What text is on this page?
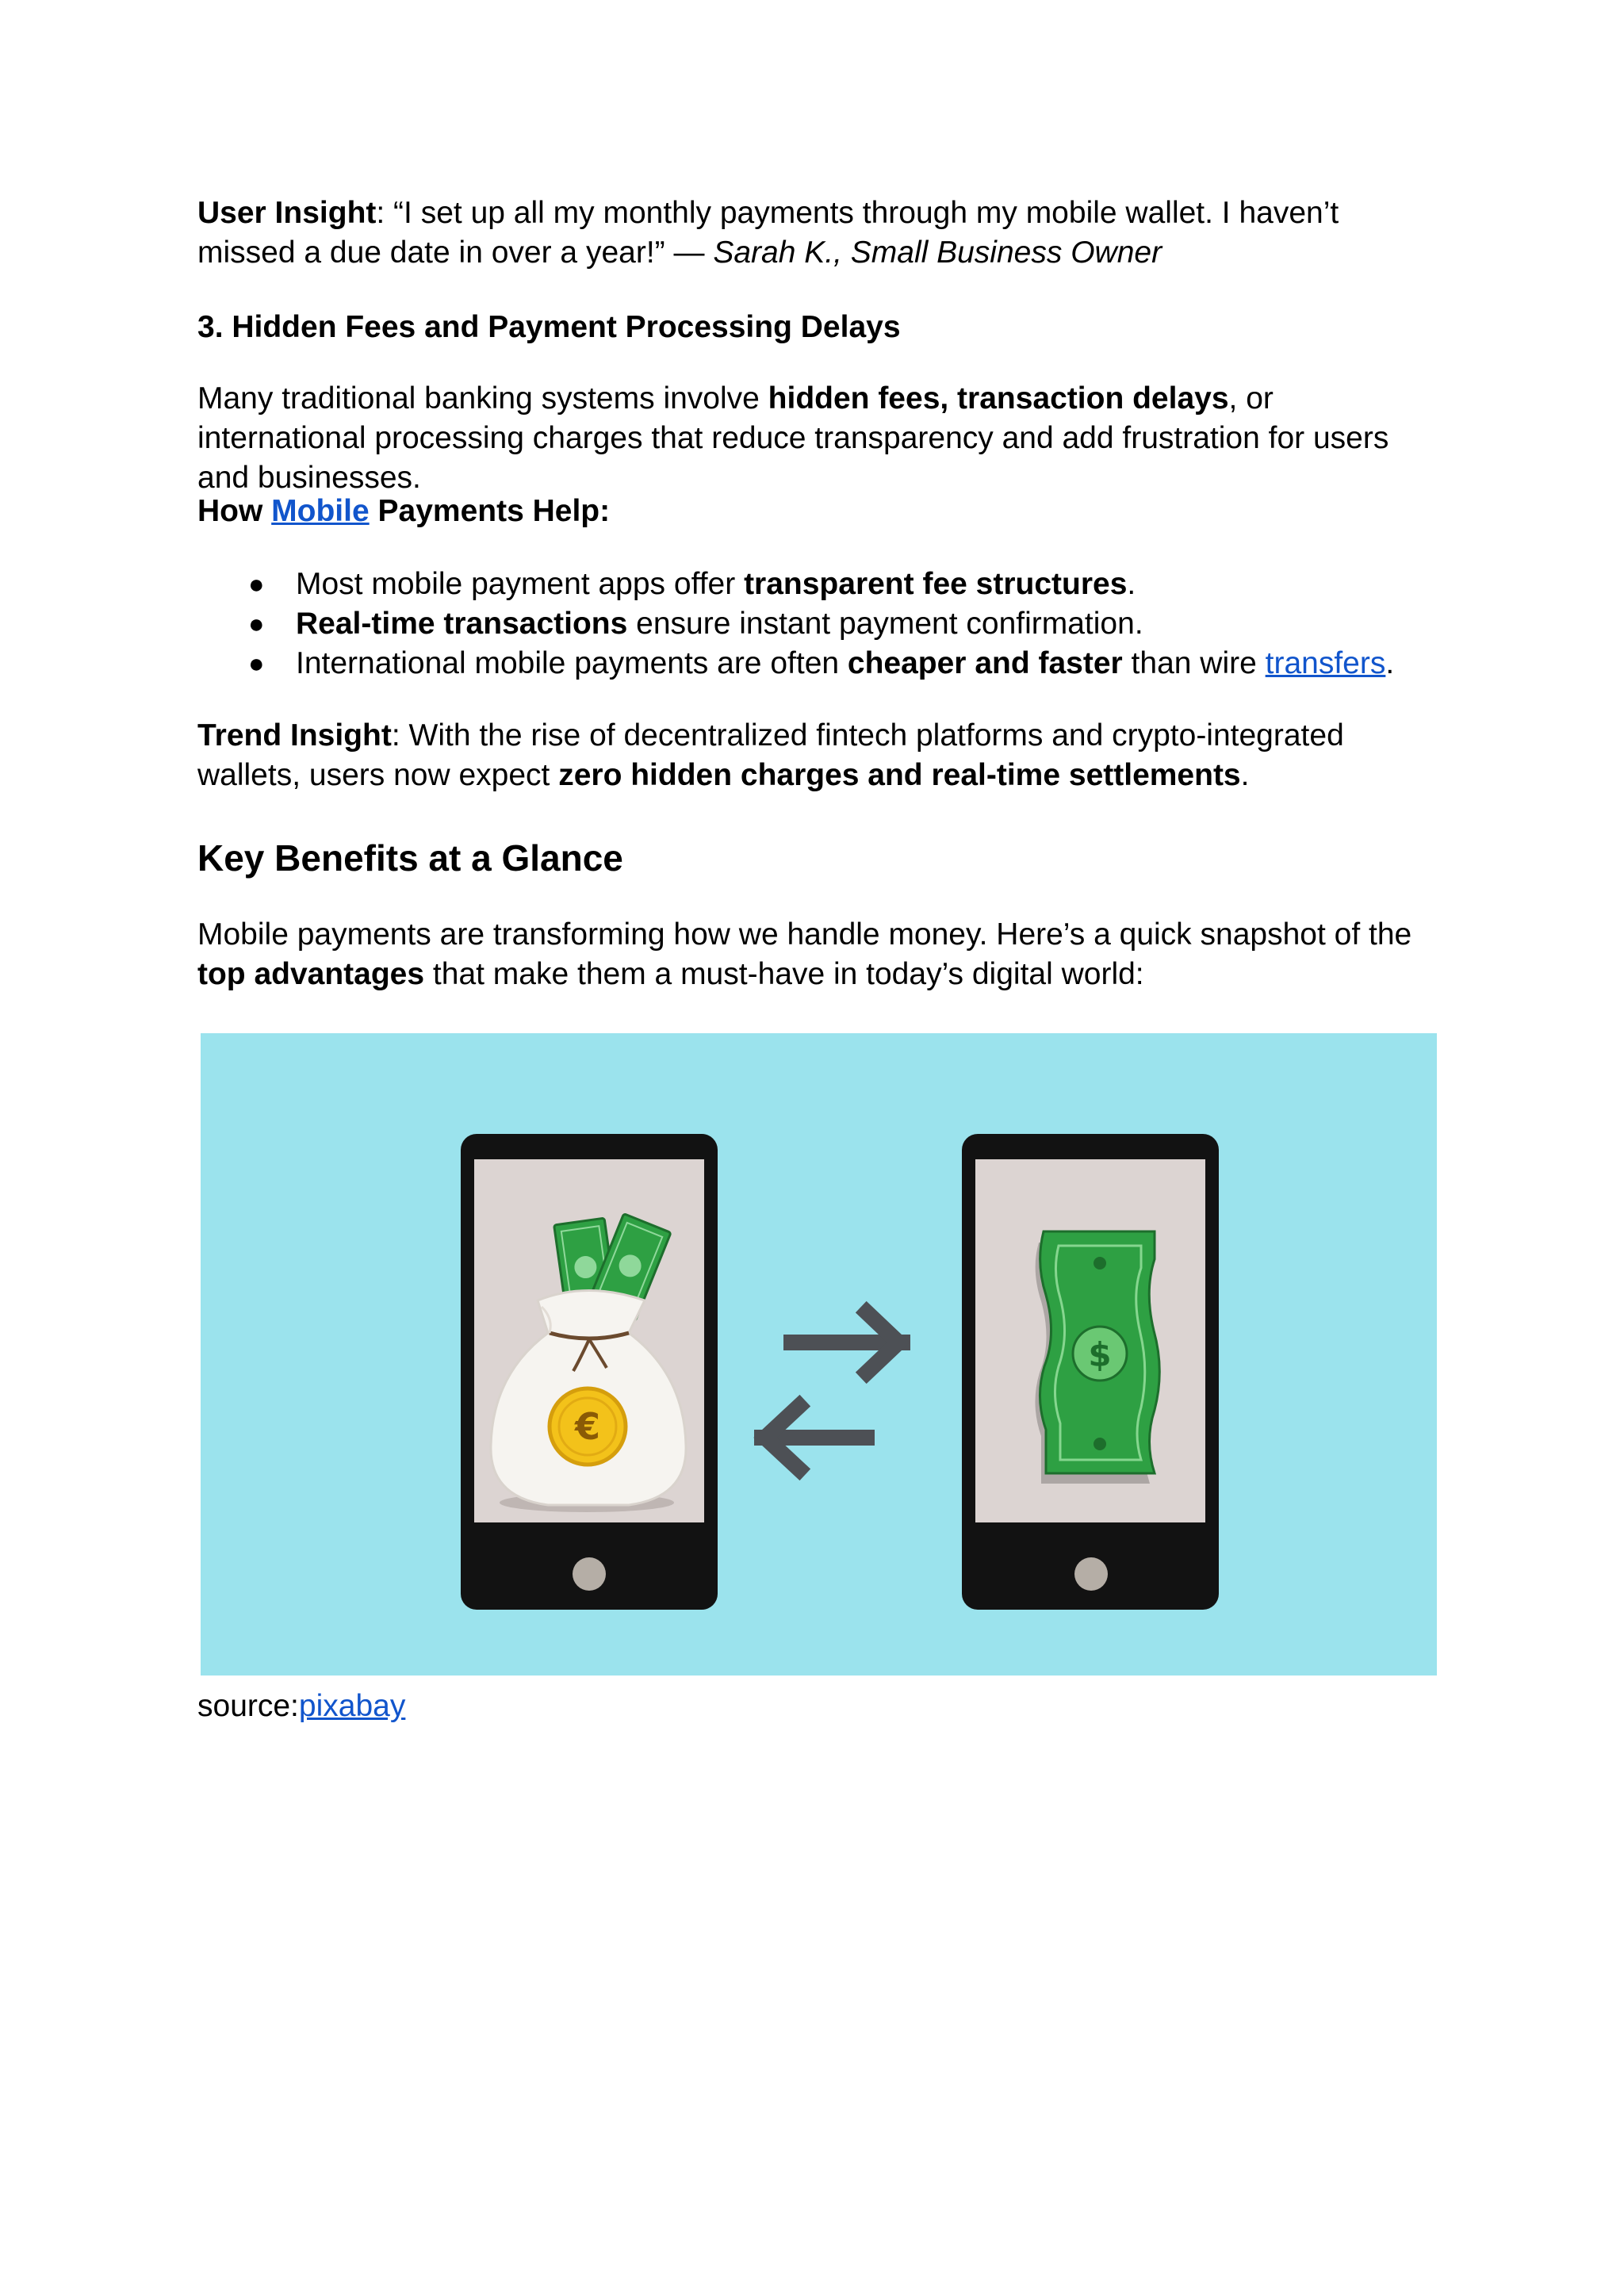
User Insight: “I set up all my monthly payments through my mobile wallet. I haven’t missed a due date in over a year!” — Sarah K., Small Business Owner

3. Hidden Fees and Payment Processing Delays

Many traditional banking systems involve hidden fees, transaction delays, or international processing charges that reduce transparency and add frustration for users and businesses.

How Mobile Payments Help:

● Most mobile payment apps offer transparent fee structures.
● Real-time transactions ensure instant payment confirmation.
● International mobile payments are often cheaper and faster than wire transfers.

Trend Insight: With the rise of decentralized fintech platforms and crypto-integrated wallets, users now expect zero hidden charges and real-time settlements.

Key Benefits at a Glance

Mobile payments are transforming how we handle money. Here’s a quick snapshot of the top advantages that make them a must-have in today’s digital world:

€
$

source:pixabay
